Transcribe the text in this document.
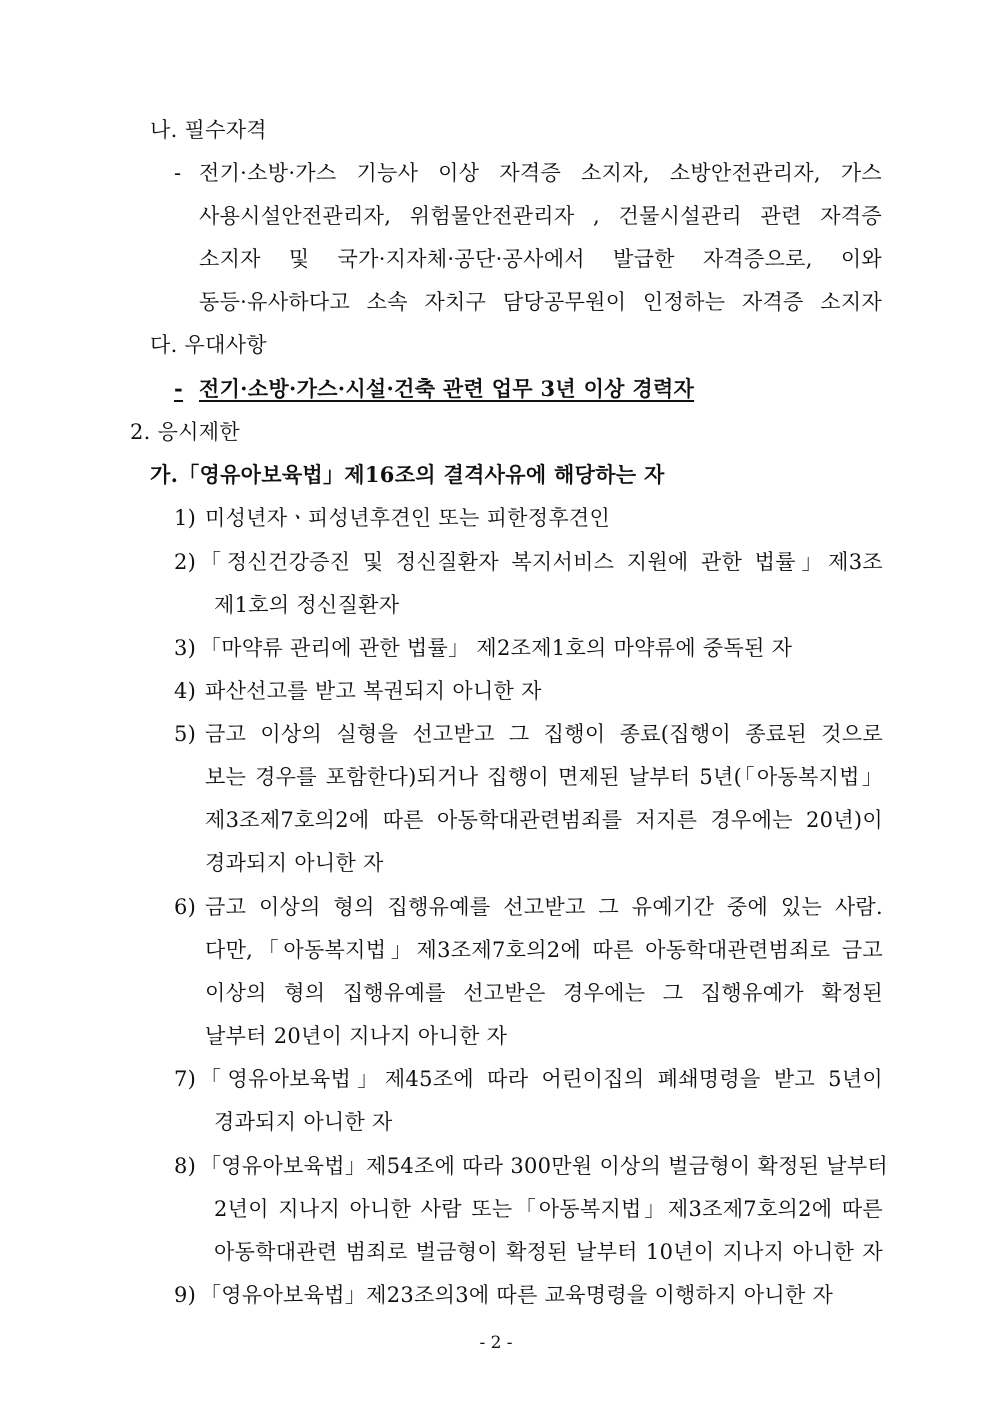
나. 필수자격
- 전기·소방·가스 기능사 이상 자격증 소지자, 소방안전관리자, 가스
사용시설안전관리자, 위험물안전관리자 , 건물시설관리 관련 자격증
소지자 및 국가·지자체·공단·공사에서 발급한 자격증으로, 이와
동등·유사하다고 소속 자치구 담당공무원이 인정하는 자격증 소지자
다. 우대사항
- 전기·소방·가스·시설·건축 관련 업무 3년 이상 경력자
2. 응시제한
가.「영유아보육법」제16조의 결격사유에 해당하는 자
1) 미성년자ㆍ피성년후견인 또는 피한정후견인
2) 「정신건강증진 및 정신질환자 복지서비스 지원에 관한 법률」제3조
제1호의 정신질환자
3) 「마약류 관리에 관한 법률」 제2조제1호의 마약류에 중독된 자
4) 파산선고를 받고 복권되지 아니한 자
5) 금고 이상의 실형을 선고받고 그 집행이 종료(집행이 종료된 것으로
보는 경우를 포함한다)되거나 집행이 면제된 날부터 5년(「아동복지법」
제3조제7호의2에 따른 아동학대관련범죄를 저지른 경우에는 20년)이
경과되지 아니한 자
6) 금고 이상의 형의 집행유예를 선고받고 그 유예기간 중에 있는 사람.
다만,「아동복지법」제3조제7호의2에 따른 아동학대관련범죄로 금고
이상의 형의 집행유예를 선고받은 경우에는 그 집행유예가 확정된
날부터 20년이 지나지 아니한 자
7) 「영유아보육법」제45조에 따라 어린이집의 폐쇄명령을 받고 5년이
경과되지 아니한 자
8) 「영유아보육법」제54조에 따라 300만원 이상의 벌금형이 확정된 날부터
2년이 지나지 아니한 사람 또는「아동복지법」제3조제7호의2에 따른
아동학대관련 범죄로 벌금형이 확정된 날부터 10년이 지나지 아니한 자
9) 「영유아보육법」제23조의3에 따른 교육명령을 이행하지 아니한 자
- 2 -
